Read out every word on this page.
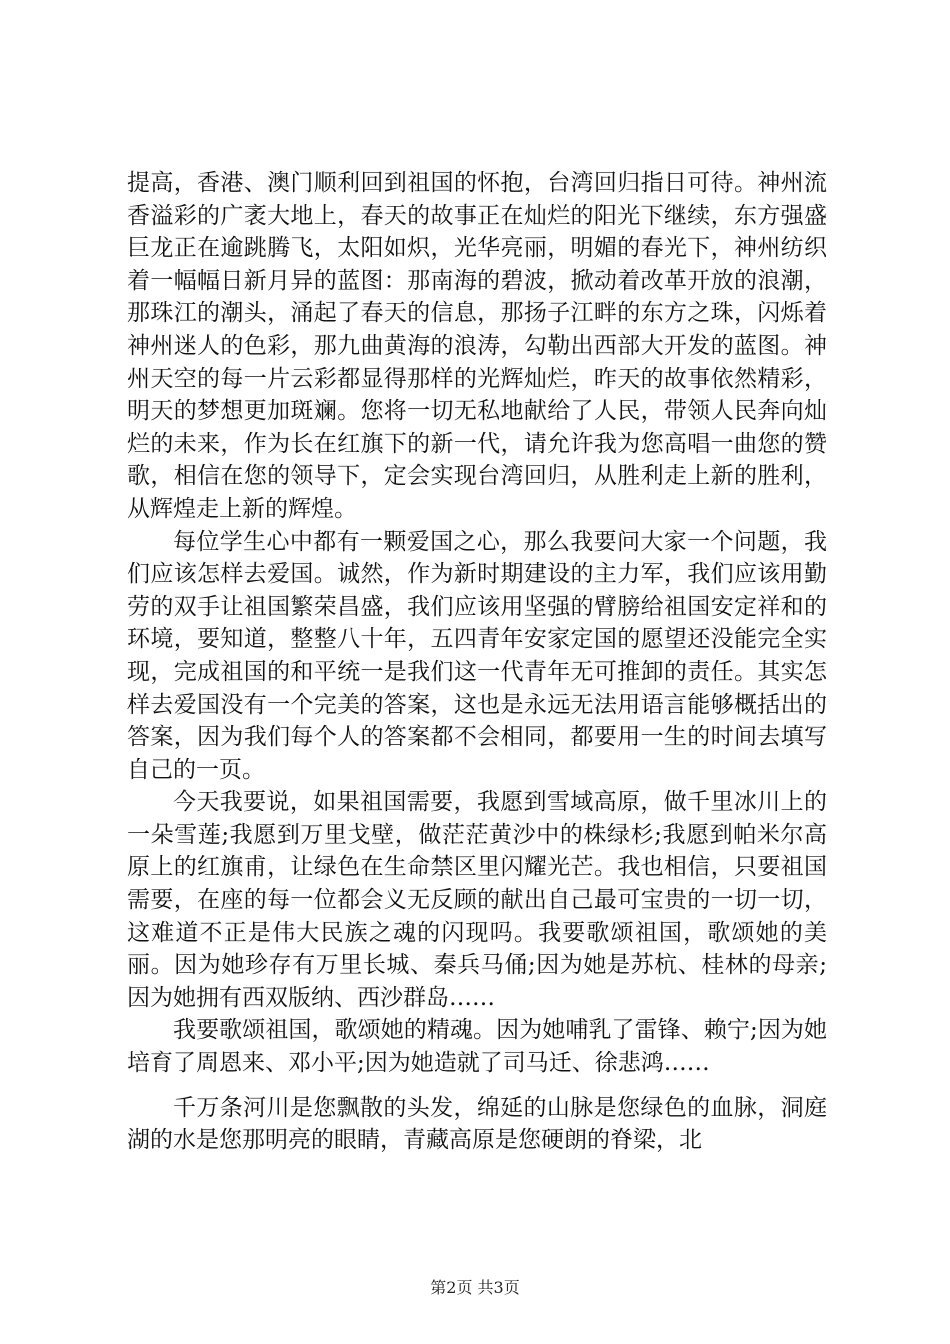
提高，香港、澳门顺利回到祖国的怀抱，台湾回归指日可待。神州流香溢彩的广袤大地上，春天的故事正在灿烂的阳光下继续，东方强盛巨龙正在逾跳腾飞，太阳如炽，光华亮丽，明媚的春光下，神州纺织着一幅幅日新月异的蓝图：那南海的碧波，掀动着改革开放的浪潮，那珠江的潮头，涌起了春天的信息，那扬子江畔的东方之珠，闪烁着神州迷人的色彩，那九曲黄海的浪涛，勾勒出西部大开发的蓝图。神州天空的每一片云彩都显得那样的光辉灿烂，昨天的故事依然精彩，明天的梦想更加斑斓。您将一切无私地献给了人民，带领人民奔向灿烂的未来，作为长在红旗下的新一代，请允许我为您高唱一曲您的赞歌，相信在您的领导下，定会实现台湾回归，从胜利走上新的胜利，从辉煌走上新的辉煌。

每位学生心中都有一颗爱国之心，那么我要问大家一个问题，我们应该怎样去爱国。诚然，作为新时期建设的主力军，我们应该用勤劳的双手让祖国繁荣昌盛，我们应该用坚强的臂膀给祖国安定祥和的环境，要知道，整整八十年，五四青年安家定国的愿望还没能完全实现，完成祖国的和平统一是我们这一代青年无可推卸的责任。其实怎样去爱国没有一个完美的答案，这也是永远无法用语言能够概括出的答案，因为我们每个人的答案都不会相同，都要用一生的时间去填写自己的一页。

今天我要说，如果祖国需要，我愿到雪域高原，做千里冰川上的一朵雪莲;我愿到万里戈壁，做茫茫黄沙中的株绿杉;我愿到帕米尔高原上的红旗甫，让绿色在生命禁区里闪耀光芒。我也相信，只要祖国需要，在座的每一位都会义无反顾的献出自己最可宝贵的一切一切，这难道不正是伟大民族之魂的闪现吗。我要歌颂祖国，歌颂她的美丽。因为她珍存有万里长城、秦兵马俑;因为她是苏杭、桂林的母亲;因为她拥有西双版纳、西沙群岛……

我要歌颂祖国，歌颂她的精魂。因为她哺乳了雷锋、赖宁;因为她培育了周恩来、邓小平;因为她造就了司马迁、徐悲鸿……

千万条河川是您飘散的头发，绵延的山脉是您绿色的血脉，洞庭湖的水是您那明亮的眼睛，青藏高原是您硬朗的脊梁，北

第2页 共3页
